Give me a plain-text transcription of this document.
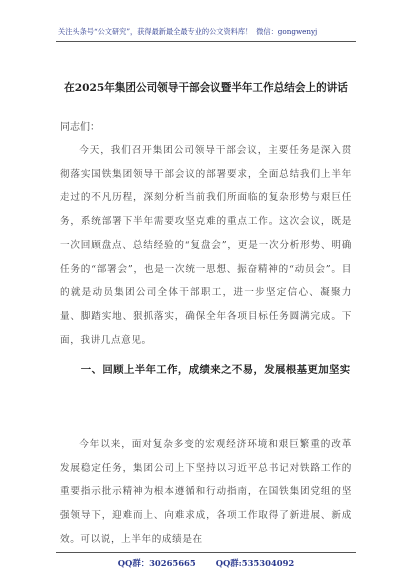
关注头条号“公文研究”，获得最新最全最专业的公文资料库！ 微信：gongwenyj
在2025年集团公司领导干部会议暨半年工作总结会上的讲话
同志们：
今天，我们召开集团公司领导干部会议，主要任务是深入贯彻落实国铁集团领导干部会议的部署要求，全面总结我们上半年走过的不凡历程，深刻分析当前我们所面临的复杂形势与艰巨任务，系统部署下半年需要攻坚克难的重点工作。这次会议，既是一次回顾盘点、总结经验的“复盘会”，更是一次分析形势、明确任务的“部署会”，也是一次统一思想、振奋精神的“动员会”。目的就是动员集团公司全体干部职工，进一步坚定信心、凝聚力量、脚踏实地、狠抓落实，确保全年各项目标任务圆满完成。下面，我讲几点意见。
一、回顾上半年工作，成绩来之不易，发展根基更加坚实
今年以来，面对复杂多变的宏观经济环境和艰巨繁重的改革发展稳定任务，集团公司上下坚持以习近平总书记对铁路工作的重要指示批示精神为根本遵循和行动指南，在国铁集团党组的坚强领导下，迎难而上、向难求成，各项工作取得了新进展、新成效。可以说，上半年的成绩是在
QQ群：30265665 QQ群:535304092
